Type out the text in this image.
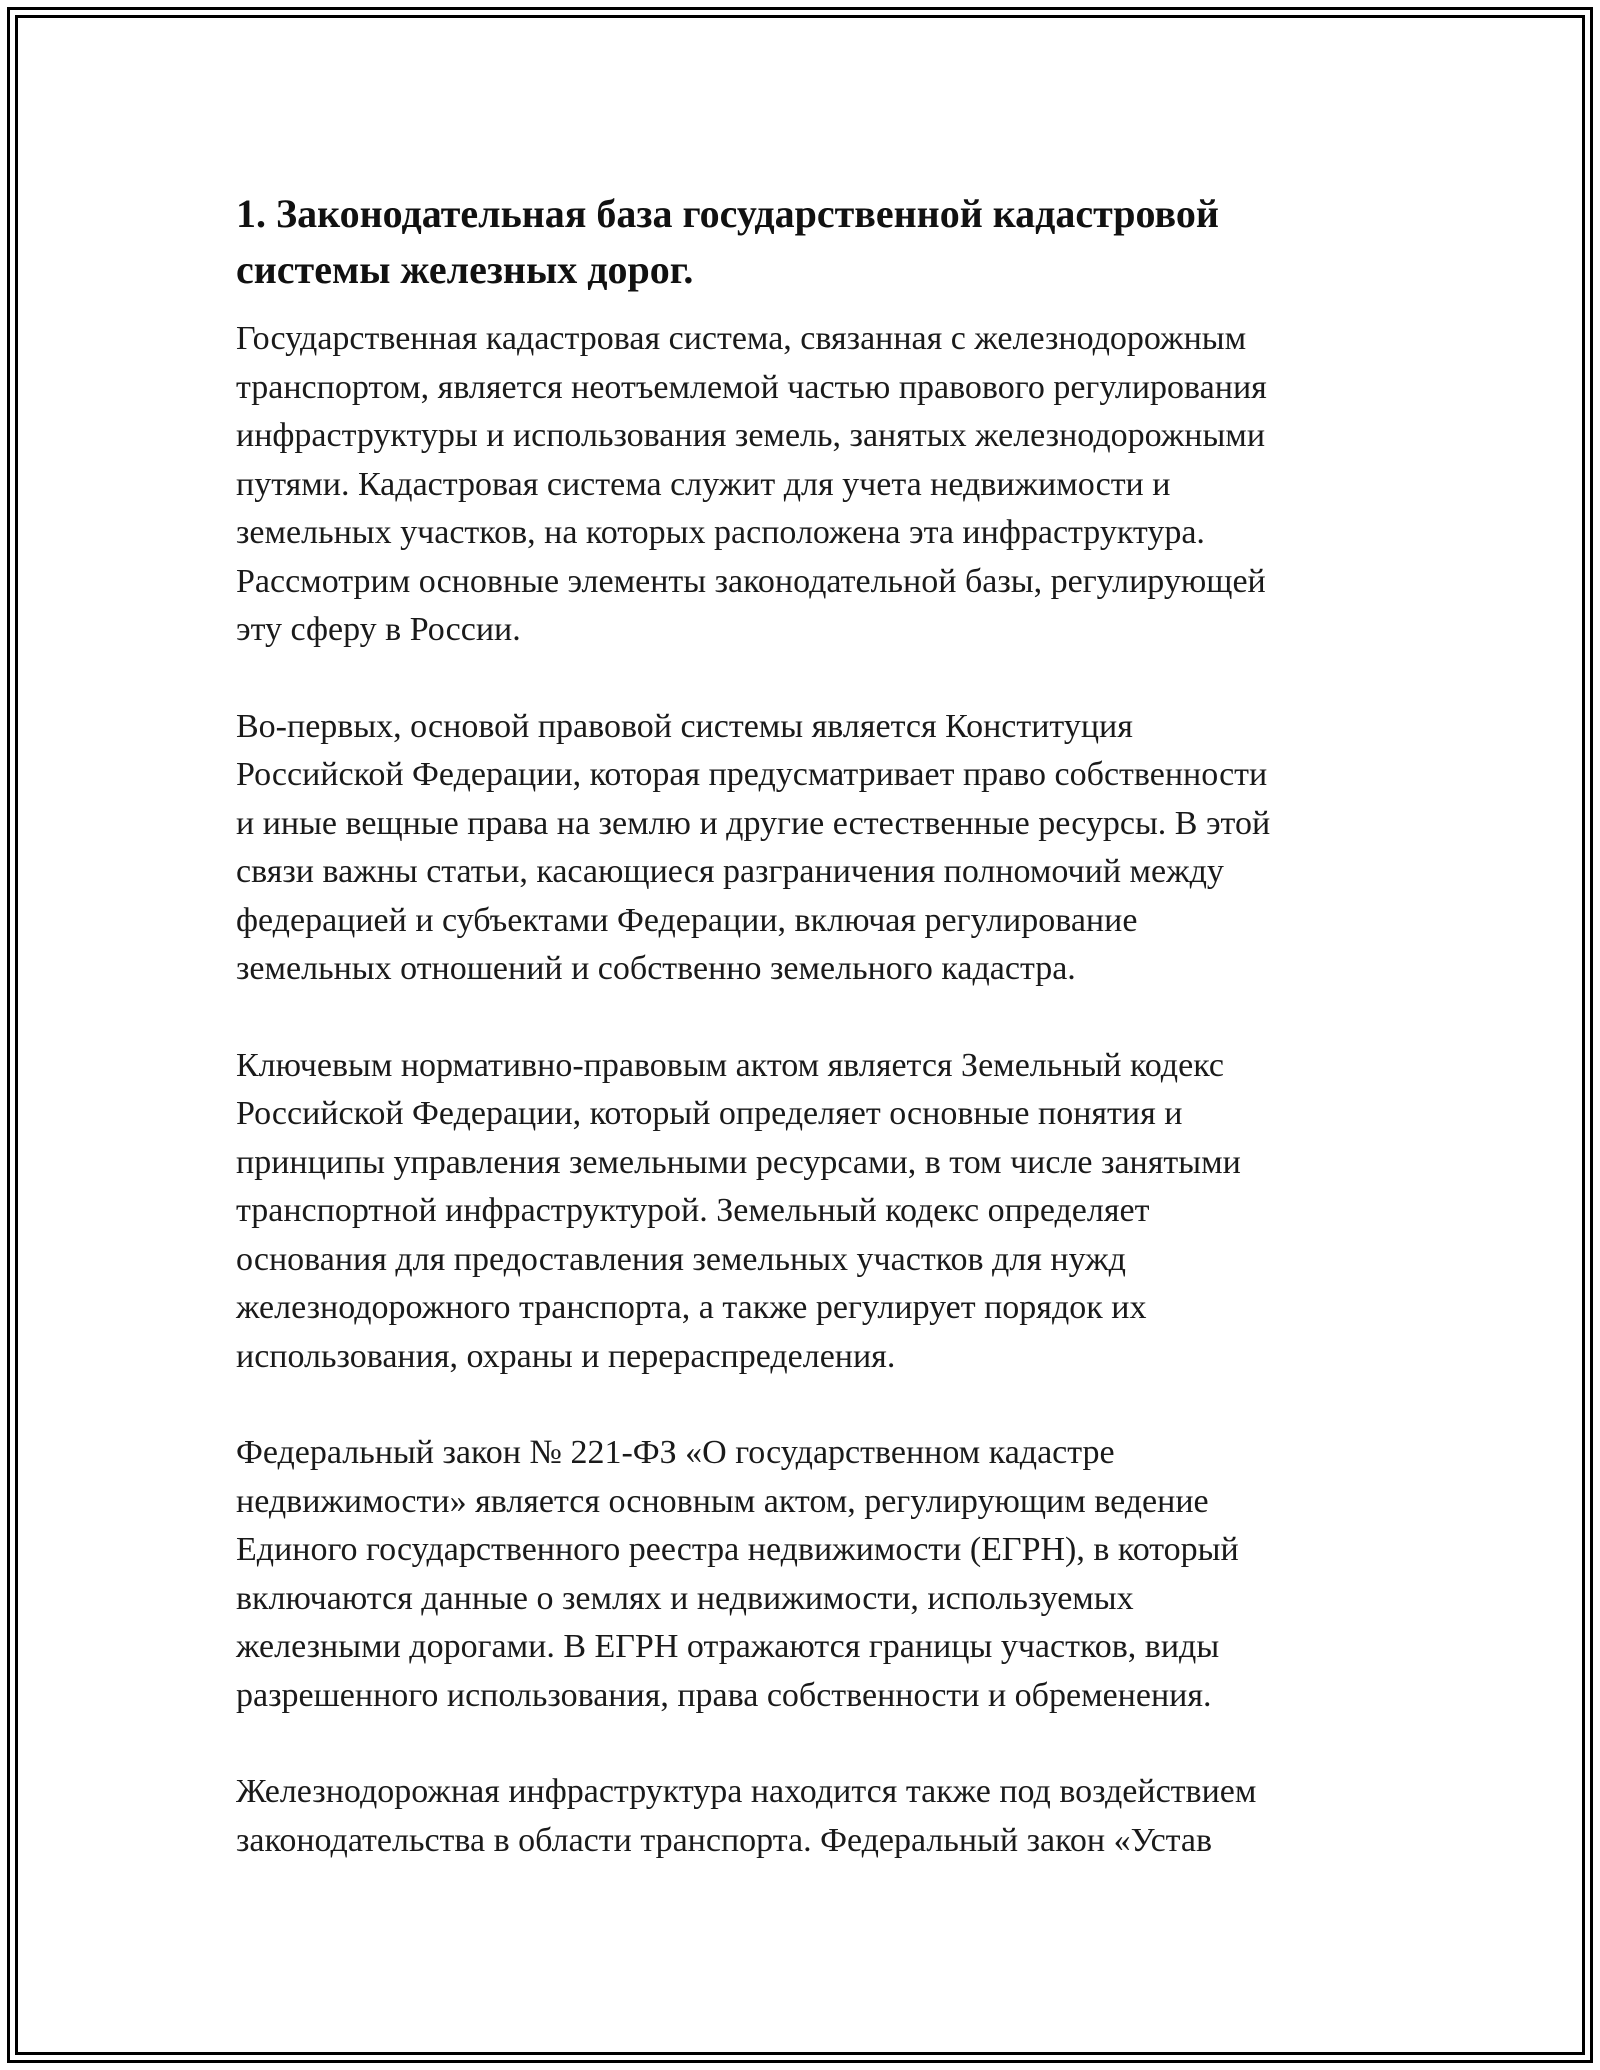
1. Законодательная база государственной кадастровой
системы железных дорог.

Государственная кадастровая система, связанная с железнодорожным
транспортом, является неотъемлемой частью правового регулирования
инфраструктуры и использования земель, занятых железнодорожными
путями. Кадастровая система служит для учета недвижимости и
земельных участков, на которых расположена эта инфраструктура.
Рассмотрим основные элементы законодательной базы, регулирующей
эту сферу в России.

Во-первых, основой правовой системы является Конституция
Российской Федерации, которая предусматривает право собственности
и иные вещные права на землю и другие естественные ресурсы. В этой
связи важны статьи, касающиеся разграничения полномочий между
федерацией и субъектами Федерации, включая регулирование
земельных отношений и собственно земельного кадастра.

Ключевым нормативно-правовым актом является Земельный кодекс
Российской Федерации, который определяет основные понятия и
принципы управления земельными ресурсами, в том числе занятыми
транспортной инфраструктурой. Земельный кодекс определяет
основания для предоставления земельных участков для нужд
железнодорожного транспорта, а также регулирует порядок их
использования, охраны и перераспределения.

Федеральный закон № 221-ФЗ «О государственном кадастре
недвижимости» является основным актом, регулирующим ведение
Единого государственного реестра недвижимости (ЕГРН), в который
включаются данные о землях и недвижимости, используемых
железными дорогами. В ЕГРН отражаются границы участков, виды
разрешенного использования, права собственности и обременения.

Железнодорожная инфраструктура находится также под воздействием
законодательства в области транспорта. Федеральный закон «Устав
